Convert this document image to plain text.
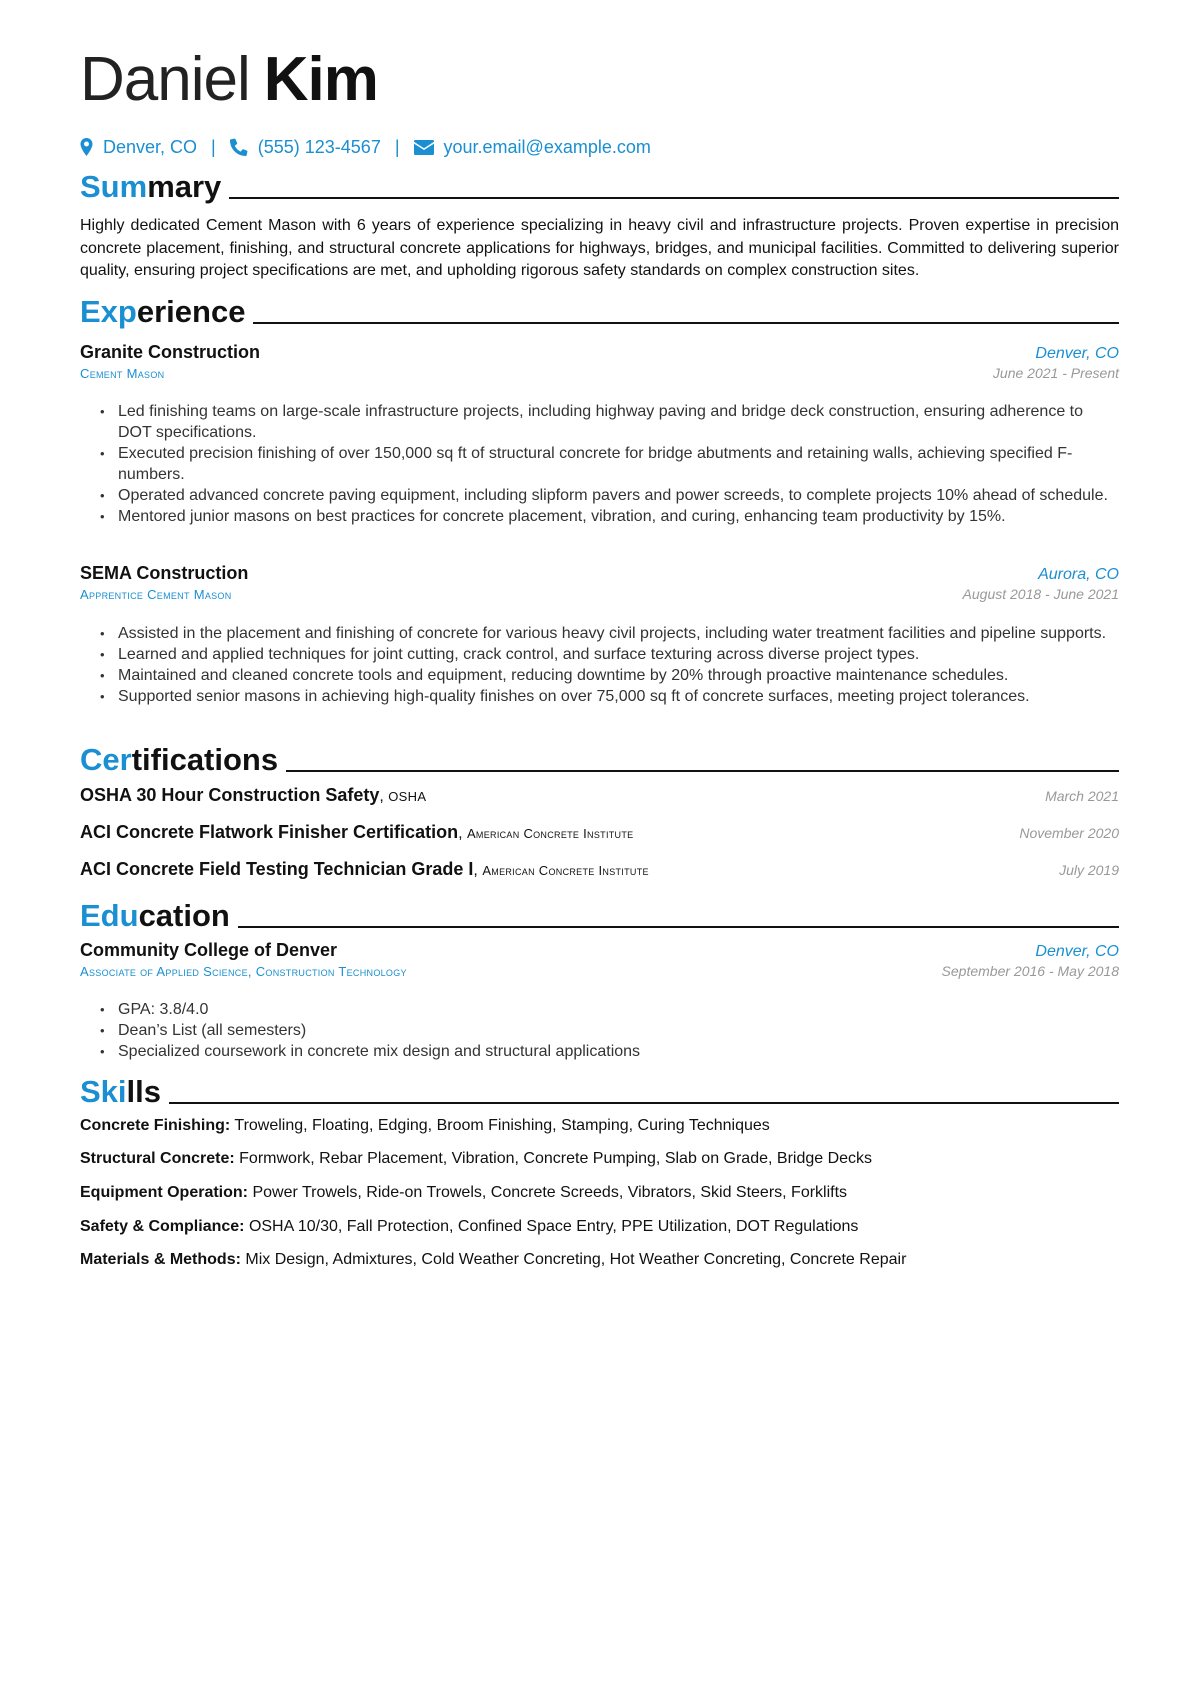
Daniel Kim
Denver, CO | (555) 123-4567 | your.email@example.com
Summary

Highly dedicated Cement Mason with 6 years of experience specializing in heavy civil and infrastructure projects. Proven expertise in precision concrete placement, finishing, and structural concrete applications for highways, bridges, and municipal facilities. Committed to delivering superior quality, ensuring project specifications are met, and upholding rigorous safety standards on complex construction sites.

Experience
Granite Construction	Denver, CO
Cement Mason	June 2021 - Present
• Led finishing teams on large-scale infrastructure projects, including highway paving and bridge deck construction, ensuring adherence to DOT specifications.
• Executed precision finishing of over 150,000 sq ft of structural concrete for bridge abutments and retaining walls, achieving specified F-numbers.
• Operated advanced concrete paving equipment, including slipform pavers and power screeds, to complete projects 10% ahead of schedule.
• Mentored junior masons on best practices for concrete placement, vibration, and curing, enhancing team productivity by 15%.
SEMA Construction	Aurora, CO
Apprentice Cement Mason	August 2018 - June 2021
• Assisted in the placement and finishing of concrete for various heavy civil projects, including water treatment facilities and pipeline supports.
• Learned and applied techniques for joint cutting, crack control, and surface texturing across diverse project types.
• Maintained and cleaned concrete tools and equipment, reducing downtime by 20% through proactive maintenance schedules.
• Supported senior masons in achieving high-quality finishes on over 75,000 sq ft of concrete surfaces, meeting project tolerances.
Certifications
OSHA 30 Hour Construction Safety, OSHA	March 2021
ACI Concrete Flatwork Finisher Certification, American Concrete Institute	November 2020
ACI Concrete Field Testing Technician Grade I, American Concrete Institute	July 2019
Education
Community College of Denver	Denver, CO
Associate of Applied Science, Construction Technology	September 2016 - May 2018
• GPA: 3.8/4.0
• Dean’s List (all semesters)
• Specialized coursework in concrete mix design and structural applications
Skills
Concrete Finishing: Troweling, Floating, Edging, Broom Finishing, Stamping, Curing Techniques
Structural Concrete: Formwork, Rebar Placement, Vibration, Concrete Pumping, Slab on Grade, Bridge Decks
Equipment Operation: Power Trowels, Ride-on Trowels, Concrete Screeds, Vibrators, Skid Steers, Forklifts
Safety & Compliance: OSHA 10/30, Fall Protection, Confined Space Entry, PPE Utilization, DOT Regulations
Materials & Methods: Mix Design, Admixtures, Cold Weather Concreting, Hot Weather Concreting, Concrete Repair
